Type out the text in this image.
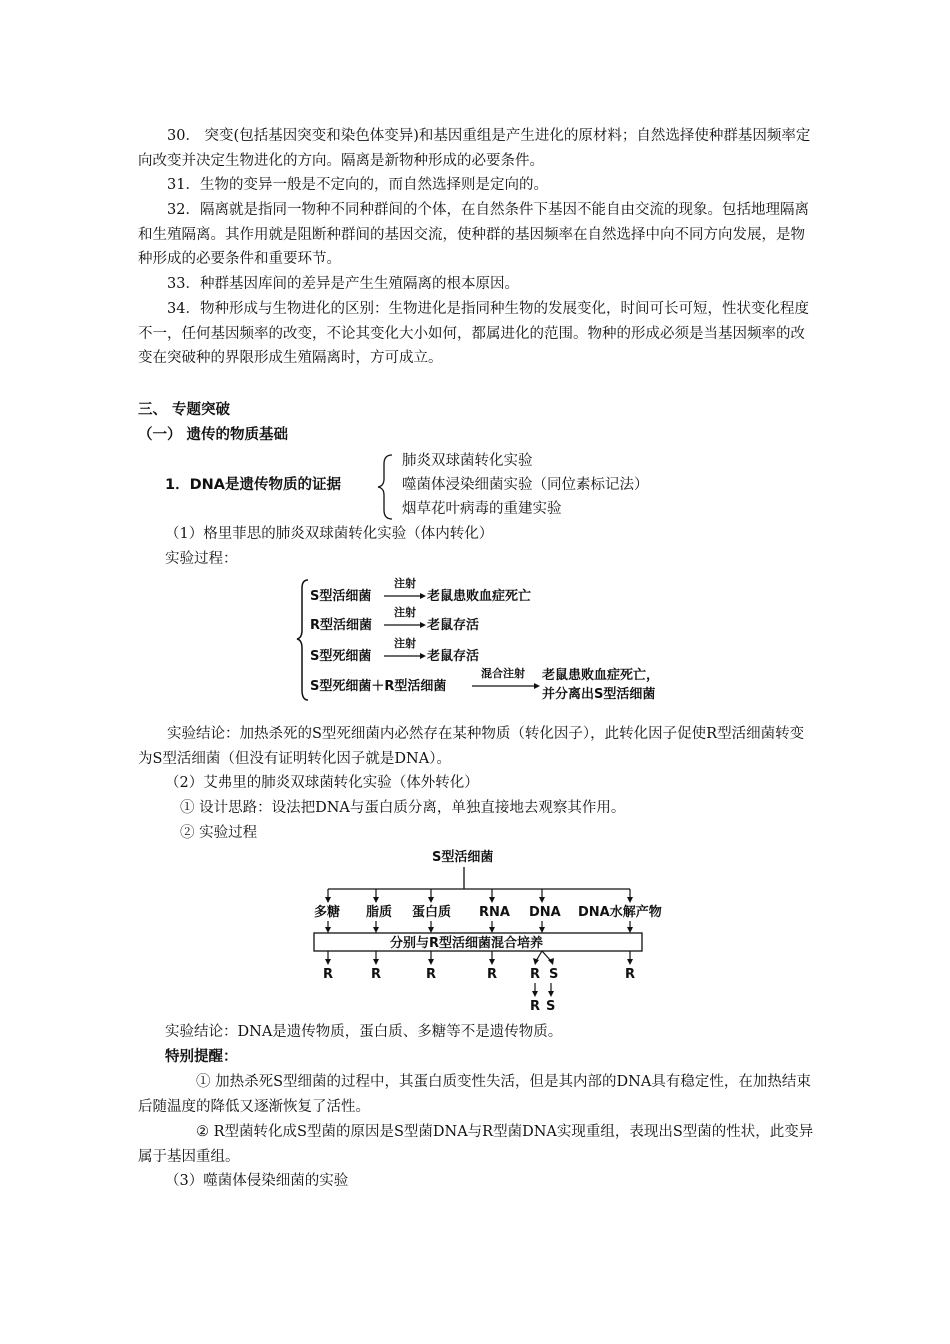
30． 突变(包括基因突变和染色体变异)和基因重组是产生进化的原材料；自然选择使种群基因频率定向改变并决定生物进化的方向。隔离是新物种形成的必要条件。

31．生物的变异一般是不定向的，而自然选择则是定向的。

32．隔离就是指同一物种不同种群间的个体，在自然条件下基因不能自由交流的现象。包括地理隔离和生殖隔离。其作用就是阻断种群间的基因交流，使种群的基因频率在自然选择中向不同方向发展，是物种形成的必要条件和重要环节。

33．种群基因库间的差异是产生生殖隔离的根本原因。

34．物种形成与生物进化的区别：生物进化是指同种生物的发展变化，时间可长可短，性状变化程度不一，任何基因频率的改变，不论其变化大小如何，都属进化的范围。物种的形成必须是当基因频率的改变在突破种的界限形成生殖隔离时，方可成立。

三、 专题突破
（一） 遗传的物质基础
1．DNA是遗传物质的证据
肺炎双球菌转化实验
噬菌体浸染细菌实验（同位素标记法）
烟草花叶病毒的重建实验
（1）格里菲思的肺炎双球菌转化实验（体内转化）
实验过程：
S型活细菌
注射
老鼠患败血症死亡
R型活细菌
注射
老鼠存活
S型死细菌
注射
老鼠存活
S型死细菌＋R型活细菌
混合注射 老鼠患败血症死亡，
并分离出S型活细菌

实验结论：加热杀死的S型死细菌内必然存在某种物质（转化因子），此转化因子促使R型活细菌转变为S型活细菌（但没有证明转化因子就是DNA）。

（2）艾弗里的肺炎双球菌转化实验（体外转化）
① 设计思路：设法把DNA与蛋白质分离，单独直接地去观察其作用。
② 实验过程
S型活细菌
多糖 脂质 蛋白质 RNA DNA DNA水解产物
分别与R型活细菌混合培养
R	R	R	R	R  S	R
R S
实验结论：DNA是遗传物质，蛋白质、多糖等不是遗传物质。
特别提醒：

① 加热杀死S型细菌的过程中，其蛋白质变性失活，但是其内部的DNA具有稳定性，在加热结束后随温度的降低又逐渐恢复了活性。

② R型菌转化成S型菌的原因是S型菌DNA与R型菌DNA实现重组，表现出S型菌的性状，此变异属于基因重组。

（3）噬菌体侵染细菌的实验
